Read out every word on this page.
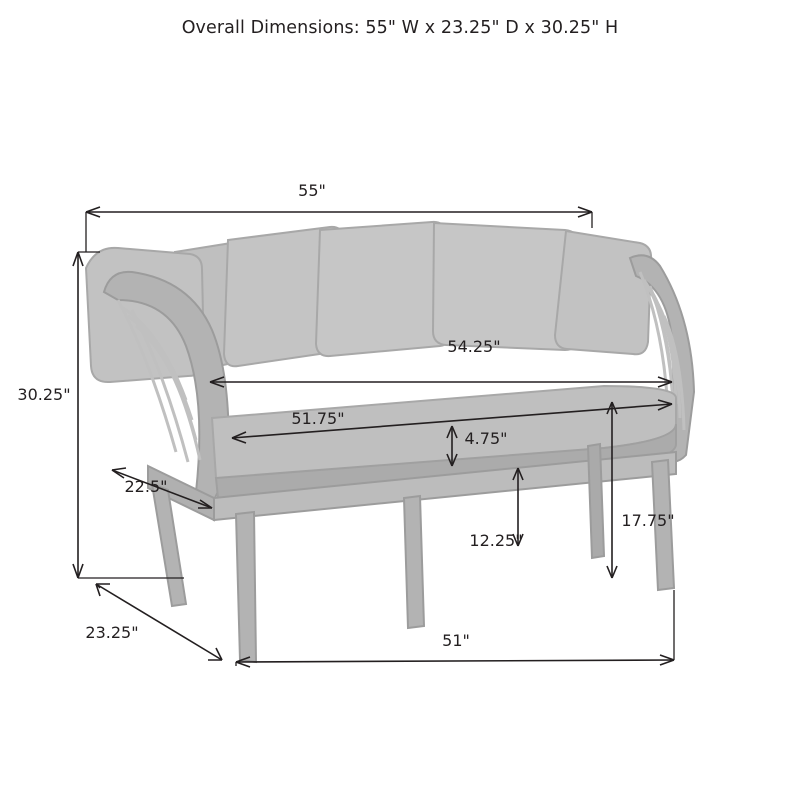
Overall Dimensions: 55" W x 23.25" D x 30.25" H
55"
30.25"
54.25"
51.75"
22.5"
4.75"
12.25"
17.75"
23.25"	51"
